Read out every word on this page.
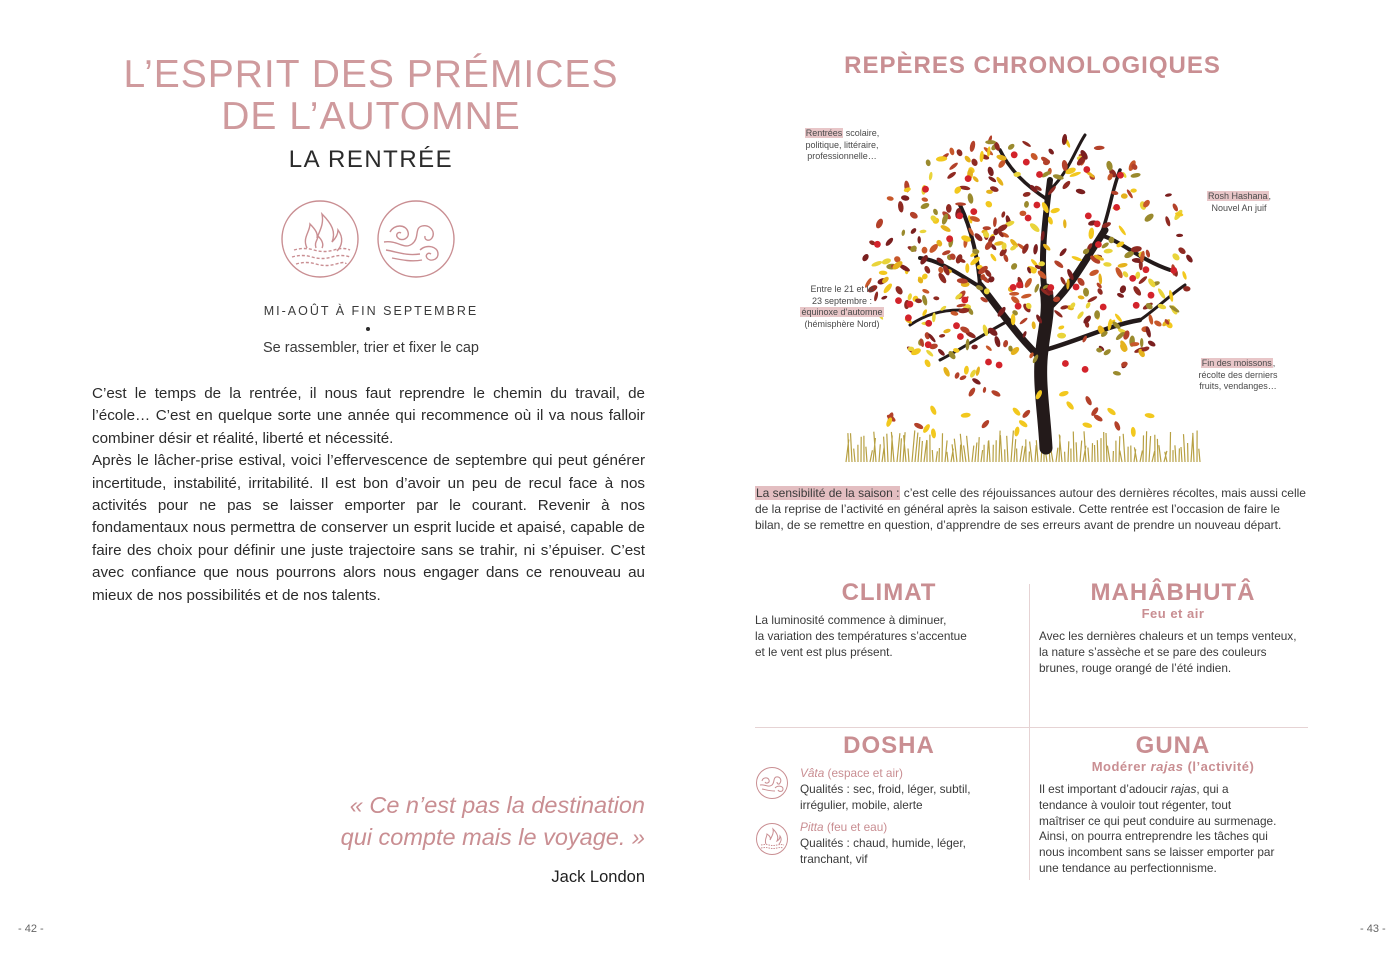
L’ESPRIT DES PRÉMICES
DE L’AUTOMNE
LA RENTRÉE
MI-AOÛT À FIN SEPTEMBRE
Se rassembler, trier et fixer le cap

C’est le temps de la rentrée, il nous faut reprendre le chemin du travail, de l’école… C’est en quelque sorte une année qui recommence où il va nous falloir combiner désir et réalité, liberté et nécessité.

Après le lâcher-prise estival, voici l’effervescence de septembre qui peut générer incertitude, instabilité, irritabilité. Il est bon d’avoir un peu de recul face à nos activités pour ne pas se laisser emporter par le courant. Revenir à nos fondamentaux nous permettra de conserver un esprit lucide et apaisé, capable de faire des choix pour définir une juste trajectoire sans se trahir, ni s’épuiser. C’est avec confiance que nous pourrons alors nous engager dans ce renouveau au mieux de nos possibilités et de nos talents.

« Ce n’est pas la destination
qui compte mais le voyage. »
Jack London
- 42 -
REPÈRES CHRONOLOGIQUES
Rentrées scolaire,
politique, littéraire,
professionnelle…
Rosh Hashana,
Nouvel An juif
Entre le 21 et le
23 septembre :
équinoxe d’automne
(hémisphère Nord)
Fin des moissons,
récolte des derniers
fruits, vendanges…
La sensibilité de la saison : c’est celle des réjouissances autour des dernières récoltes, mais aussi celle de la reprise de l’activité en général après la saison estivale. Cette rentrée est l’occasion de faire le bilan, de se remettre en question, d’apprendre de ses erreurs avant de prendre un nouveau départ.
CLIMAT
La luminosité commence à diminuer,
la variation des températures s’accentue
et le vent est plus présent.
MAHÂBHUTÂ
Feu et air
Avec les dernières chaleurs et un temps venteux,
la nature s’assèche et se pare des couleurs
brunes, rouge orangé de l’été indien.
DOSHA
Vâta (espace et air)
Qualités : sec, froid, léger, subtil,
irrégulier, mobile, alerte
Pitta (feu et eau)
Qualités : chaud, humide, léger,
tranchant, vif
GUNA
Modérer rajas (l’activité)
Il est important d’adoucir rajas, qui a
tendance à vouloir tout régenter, tout
maîtriser ce qui peut conduire au surmenage.
Ainsi, on pourra entreprendre les tâches qui
nous incombent sans se laisser emporter par
une tendance au perfectionnisme.
- 43 -
